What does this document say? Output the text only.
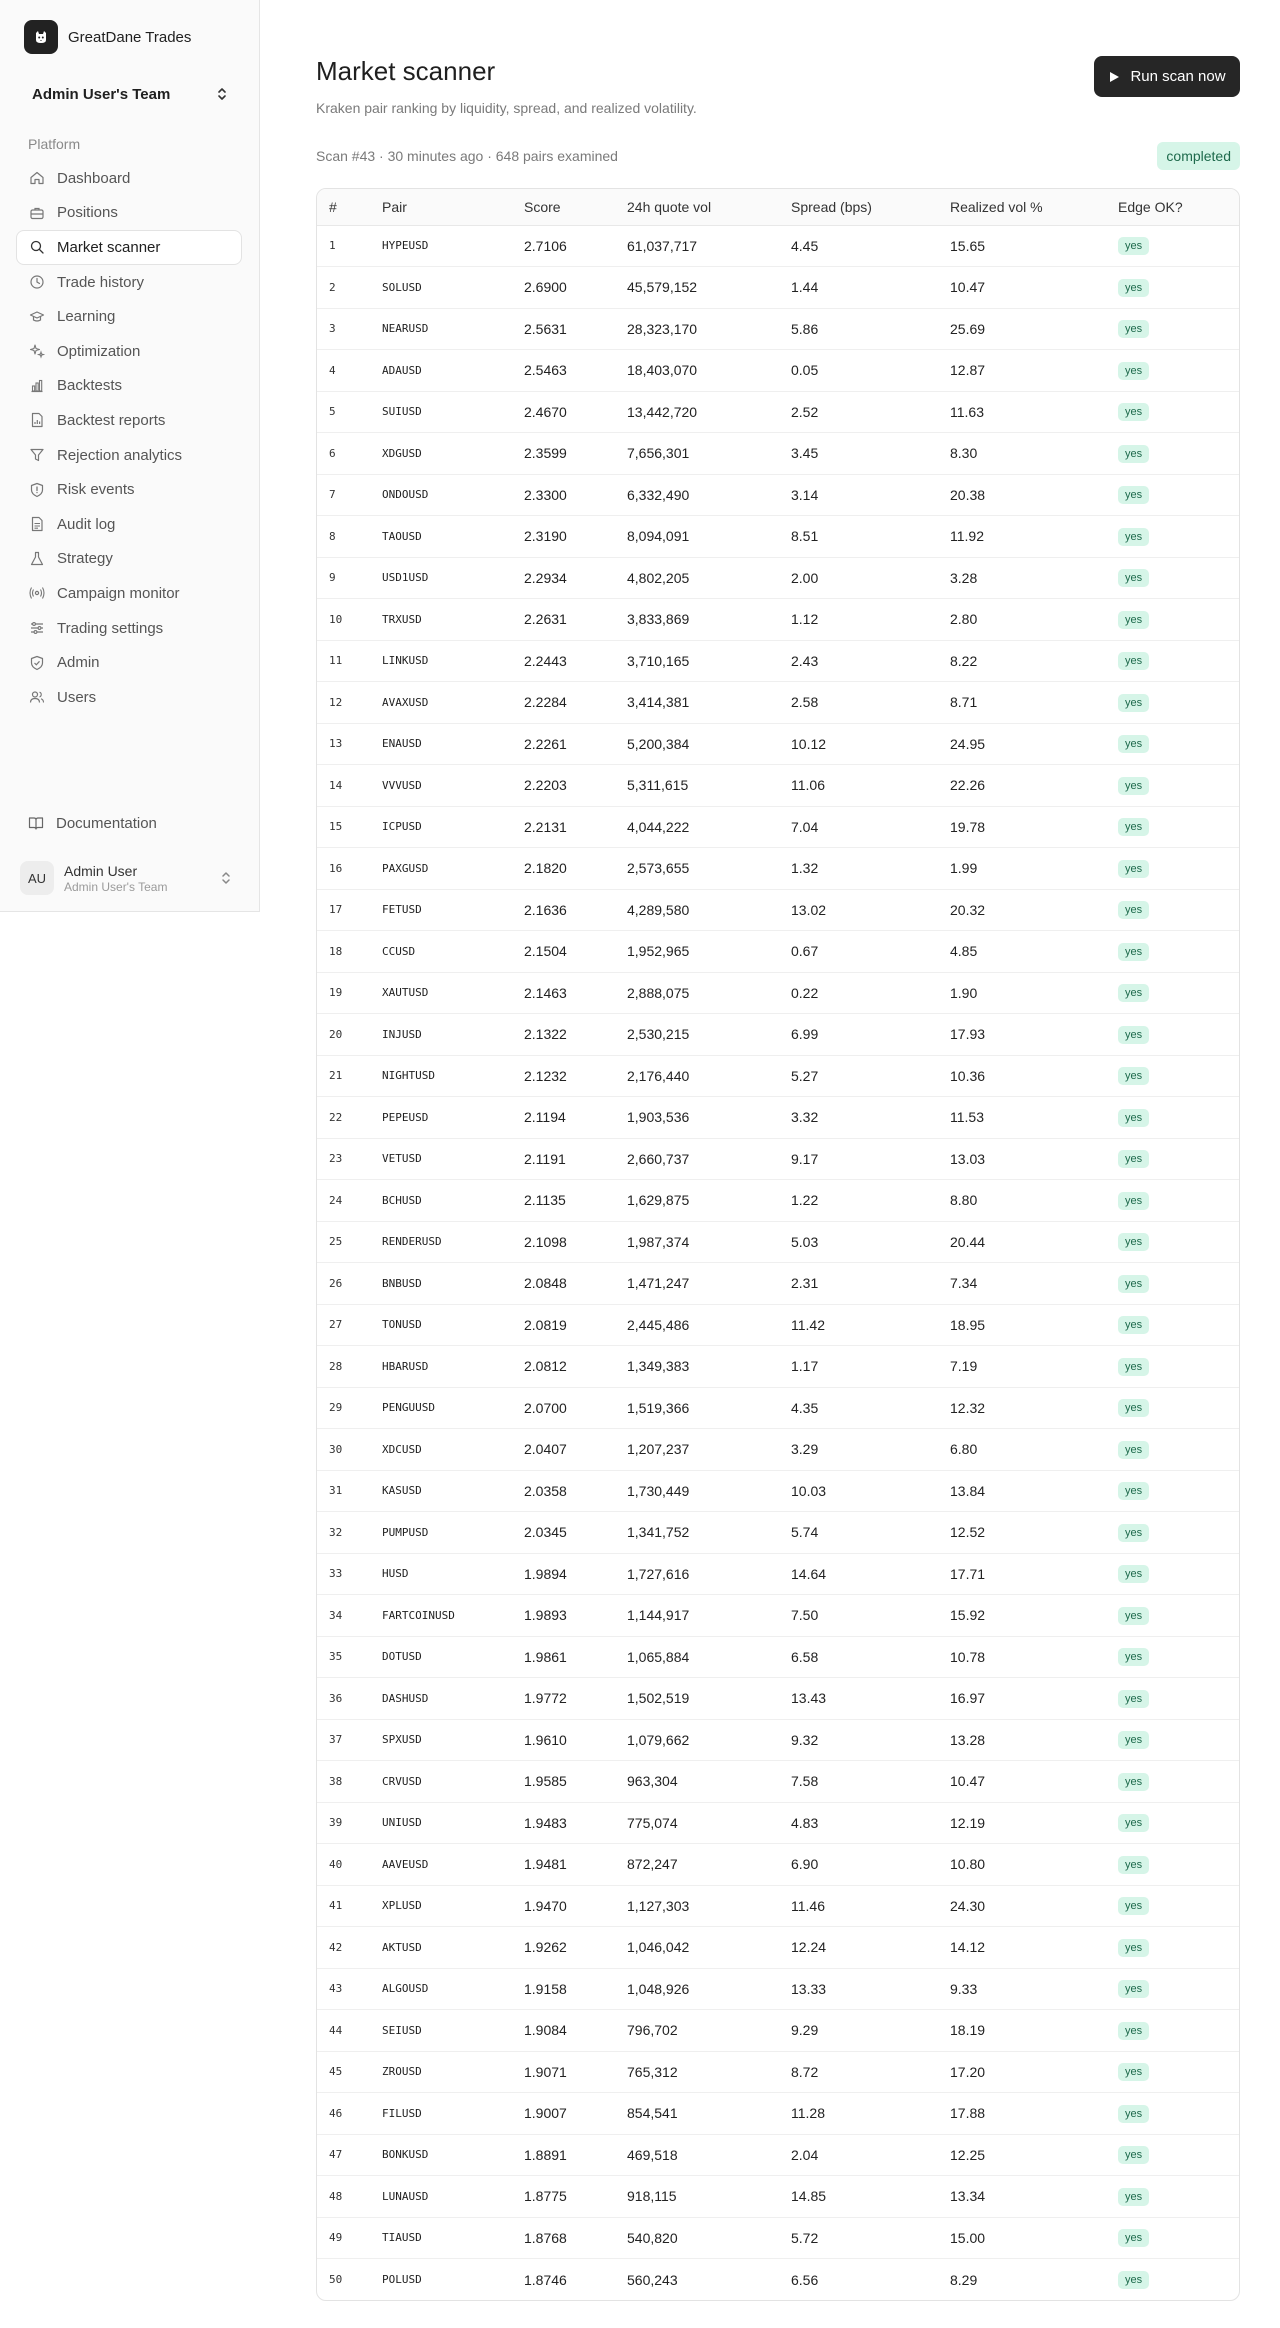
GreatDane Trades
Admin User's Team
Platform
Dashboard
Positions
Market scanner
Trade history
Learning
Optimization
Backtests
Backtest reports
Rejection analytics
Risk events
Audit log
Strategy
Campaign monitor
Trading settings
Admin
Users
Documentation
AU	Admin User
Admin User's Team
Market scanner

Kraken pair ranking by liquidity, spread, and realized volatility.

Run scan now
Scan #43 · 30 minutes ago · 648 pairs examined	completed
#	Pair	Score	24h quote vol	Spread (bps)	Realized vol %	Edge OK?
1	HYPEUSD	2.7106	61,037,717	4.45	15.65	yes
2	SOLUSD	2.6900	45,579,152	1.44	10.47	yes
3	NEARUSD	2.5631	28,323,170	5.86	25.69	yes
4	ADAUSD	2.5463	18,403,070	0.05	12.87	yes
5	SUIUSD	2.4670	13,442,720	2.52	11.63	yes
6	XDGUSD	2.3599	7,656,301	3.45	8.30	yes
7	ONDOUSD	2.3300	6,332,490	3.14	20.38	yes
8	TAOUSD	2.3190	8,094,091	8.51	11.92	yes
9	USD1USD	2.2934	4,802,205	2.00	3.28	yes
10	TRXUSD	2.2631	3,833,869	1.12	2.80	yes
11	LINKUSD	2.2443	3,710,165	2.43	8.22	yes
12	AVAXUSD	2.2284	3,414,381	2.58	8.71	yes
13	ENAUSD	2.2261	5,200,384	10.12	24.95	yes
14	VVVUSD	2.2203	5,311,615	11.06	22.26	yes
15	ICPUSD	2.2131	4,044,222	7.04	19.78	yes
16	PAXGUSD	2.1820	2,573,655	1.32	1.99	yes
17	FETUSD	2.1636	4,289,580	13.02	20.32	yes
18	CCUSD	2.1504	1,952,965	0.67	4.85	yes
19	XAUTUSD	2.1463	2,888,075	0.22	1.90	yes
20	INJUSD	2.1322	2,530,215	6.99	17.93	yes
21	NIGHTUSD	2.1232	2,176,440	5.27	10.36	yes
22	PEPEUSD	2.1194	1,903,536	3.32	11.53	yes
23	VETUSD	2.1191	2,660,737	9.17	13.03	yes
24	BCHUSD	2.1135	1,629,875	1.22	8.80	yes
25	RENDERUSD	2.1098	1,987,374	5.03	20.44	yes
26	BNBUSD	2.0848	1,471,247	2.31	7.34	yes
27	TONUSD	2.0819	2,445,486	11.42	18.95	yes
28	HBARUSD	2.0812	1,349,383	1.17	7.19	yes
29	PENGUUSD	2.0700	1,519,366	4.35	12.32	yes
30	XDCUSD	2.0407	1,207,237	3.29	6.80	yes
31	KASUSD	2.0358	1,730,449	10.03	13.84	yes
32	PUMPUSD	2.0345	1,341,752	5.74	12.52	yes
33	HUSD	1.9894	1,727,616	14.64	17.71	yes
34	FARTCOINUSD	1.9893	1,144,917	7.50	15.92	yes
35	DOTUSD	1.9861	1,065,884	6.58	10.78	yes
36	DASHUSD	1.9772	1,502,519	13.43	16.97	yes
37	SPXUSD	1.9610	1,079,662	9.32	13.28	yes
38	CRVUSD	1.9585	963,304	7.58	10.47	yes
39	UNIUSD	1.9483	775,074	4.83	12.19	yes
40	AAVEUSD	1.9481	872,247	6.90	10.80	yes
41	XPLUSD	1.9470	1,127,303	11.46	24.30	yes
42	AKTUSD	1.9262	1,046,042	12.24	14.12	yes
43	ALGOUSD	1.9158	1,048,926	13.33	9.33	yes
44	SEIUSD	1.9084	796,702	9.29	18.19	yes
45	ZROUSD	1.9071	765,312	8.72	17.20	yes
46	FILUSD	1.9007	854,541	11.28	17.88	yes
47	BONKUSD	1.8891	469,518	2.04	12.25	yes
48	LUNAUSD	1.8775	918,115	14.85	13.34	yes
49	TIAUSD	1.8768	540,820	5.72	15.00	yes
50	POLUSD	1.8746	560,243	6.56	8.29	yes
